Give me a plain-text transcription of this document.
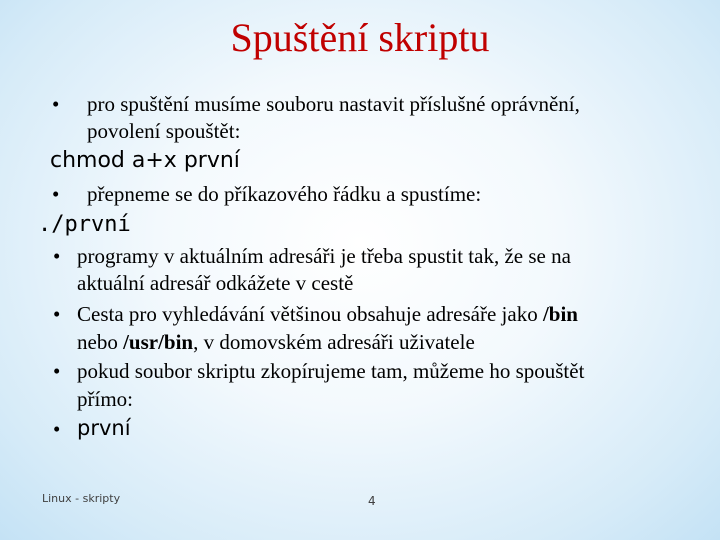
Spuštění skriptu
• pro spuštění musíme souboru nastavit příslušné oprávnění,
povolení spouštět:
chmod a+x první
• přepneme se do příkazového řádku a spustíme:
./první
• programy v aktuálním adresáři je třeba spustit tak, že se na
aktuální adresář odkážete v cestě
• Cesta pro vyhledávání většinou obsahuje adresáře jako /bin
nebo /usr/bin, v domovském adresáři uživatele
• pokud soubor skriptu zkopírujeme tam, můžeme ho spouštět
přímo:
• první
Linux - skripty	4
